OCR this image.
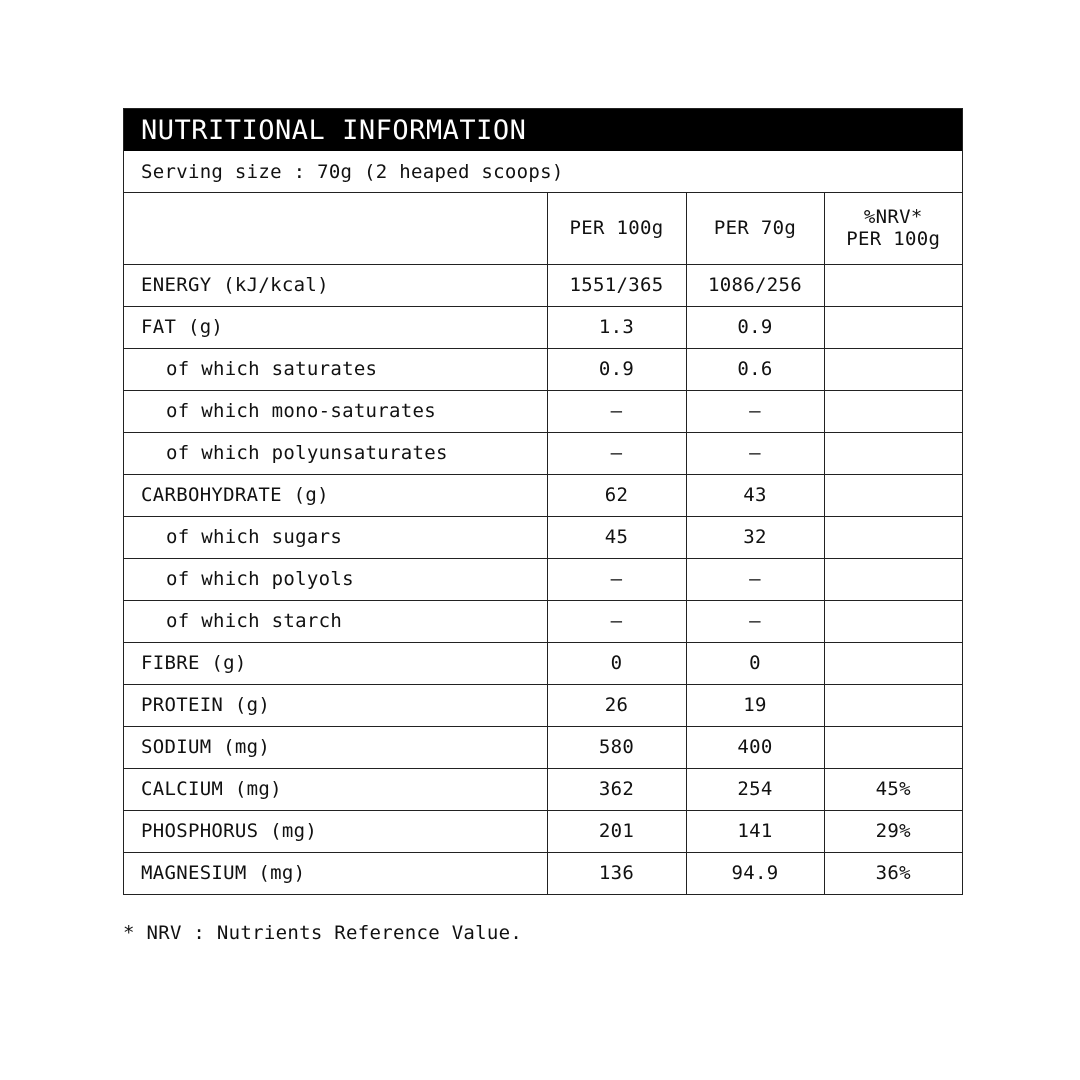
NUTRITIONAL INFORMATION
Serving size : 70g (2 heaped scoops)
	PER 100g	PER 70g	%NRV*
PER 100g
ENERGY (kJ/kcal)	1551/365	1086/256	
FAT (g)	1.3	0.9	
of which saturates	0.9	0.6	
of which mono-saturates	–	–	
of which polyunsaturates	–	–	
CARBOHYDRATE (g)	62	43	
of which sugars	45	32	
of which polyols	–	–	
of which starch	–	–	
FIBRE (g)	0	0	
PROTEIN (g)	26	19	
SODIUM (mg)	580	400	
CALCIUM (mg)	362	254	45%
PHOSPHORUS (mg)	201	141	29%
MAGNESIUM (mg)	136	94.9	36%
* NRV : Nutrients Reference Value.
